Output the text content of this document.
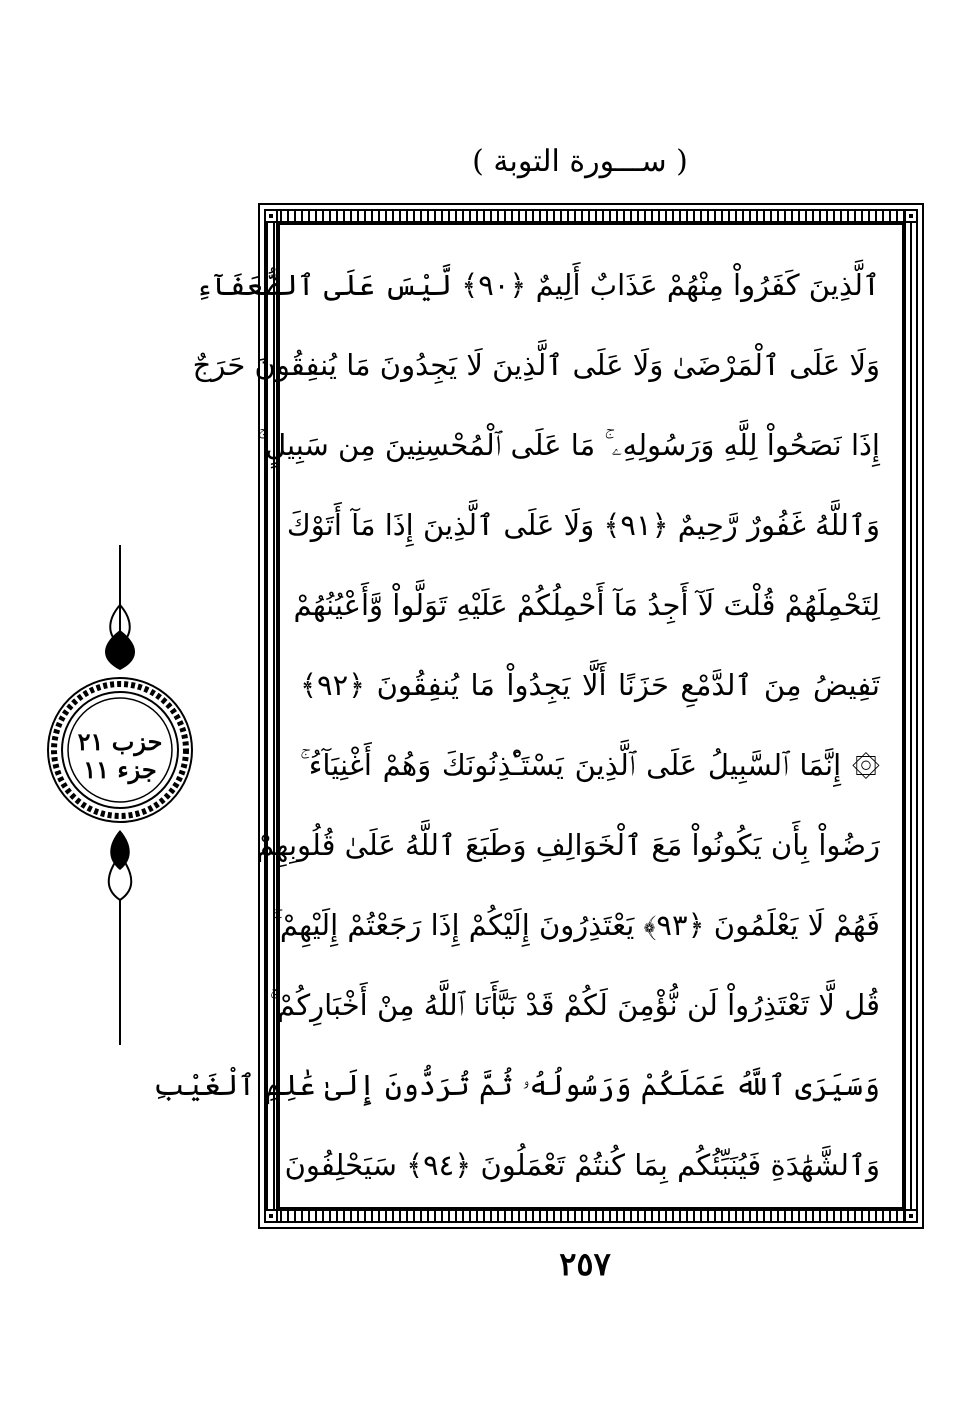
( ســـورة التوبة )
ٱلَّذِينَ كَفَرُواْ مِنْهُمْ عَذَابٌ أَلِيمٌ ﴿٩٠﴾ لَّيْسَ عَلَى ٱلضُّعَفَآءِ
وَلَا عَلَى ٱلْمَرْضَىٰ وَلَا عَلَى ٱلَّذِينَ لَا يَجِدُونَ مَا يُنفِقُونَ حَرَجٌ
إِذَا نَصَحُواْ لِلَّهِ وَرَسُولِهِۦ ۚ مَا عَلَى ٱلْمُحْسِنِينَ مِن سَبِيلٍ ۚ
وَٱللَّهُ غَفُورٌ رَّحِيمٌ ﴿٩١﴾ وَلَا عَلَى ٱلَّذِينَ إِذَا مَآ أَتَوْكَ
لِتَحْمِلَهُمْ قُلْتَ لَآ أَجِدُ مَآ أَحْمِلُكُمْ عَلَيْهِ تَوَلَّواْ وَّأَعْيُنُهُمْ
تَفِيضُ مِنَ ٱلدَّمْعِ حَزَنًا أَلَّا يَجِدُواْ مَا يُنفِقُونَ ﴿٩٢﴾
۞ إِنَّمَا ٱلسَّبِيلُ عَلَى ٱلَّذِينَ يَسْتَـْٔذِنُونَكَ وَهُمْ أَغْنِيَآءُ ۚ
رَضُواْ بِأَن يَكُونُواْ مَعَ ٱلْخَوَالِفِ وَطَبَعَ ٱللَّهُ عَلَىٰ قُلُوبِهِمْ
فَهُمْ لَا يَعْلَمُونَ ﴿٩٣﴾ يَعْتَذِرُونَ إِلَيْكُمْ إِذَا رَجَعْتُمْ إِلَيْهِمْ ۚ
قُل لَّا تَعْتَذِرُواْ لَن نُّؤْمِنَ لَكُمْ قَدْ نَبَّأَنَا ٱللَّهُ مِنْ أَخْبَارِكُمْ ۚ
وَسَيَرَى ٱللَّهُ عَمَلَكُمْ وَرَسُولُهُۥ ثُمَّ تُرَدُّونَ إِلَىٰ عَٰلِمِ ٱلْغَيْبِ
وَٱلشَّهَٰدَةِ فَيُنَبِّئُكُم بِمَا كُنتُمْ تَعْمَلُونَ ﴿٩٤﴾ سَيَحْلِفُونَ
حزب ٢١
جزء ١١
٢٥٧
